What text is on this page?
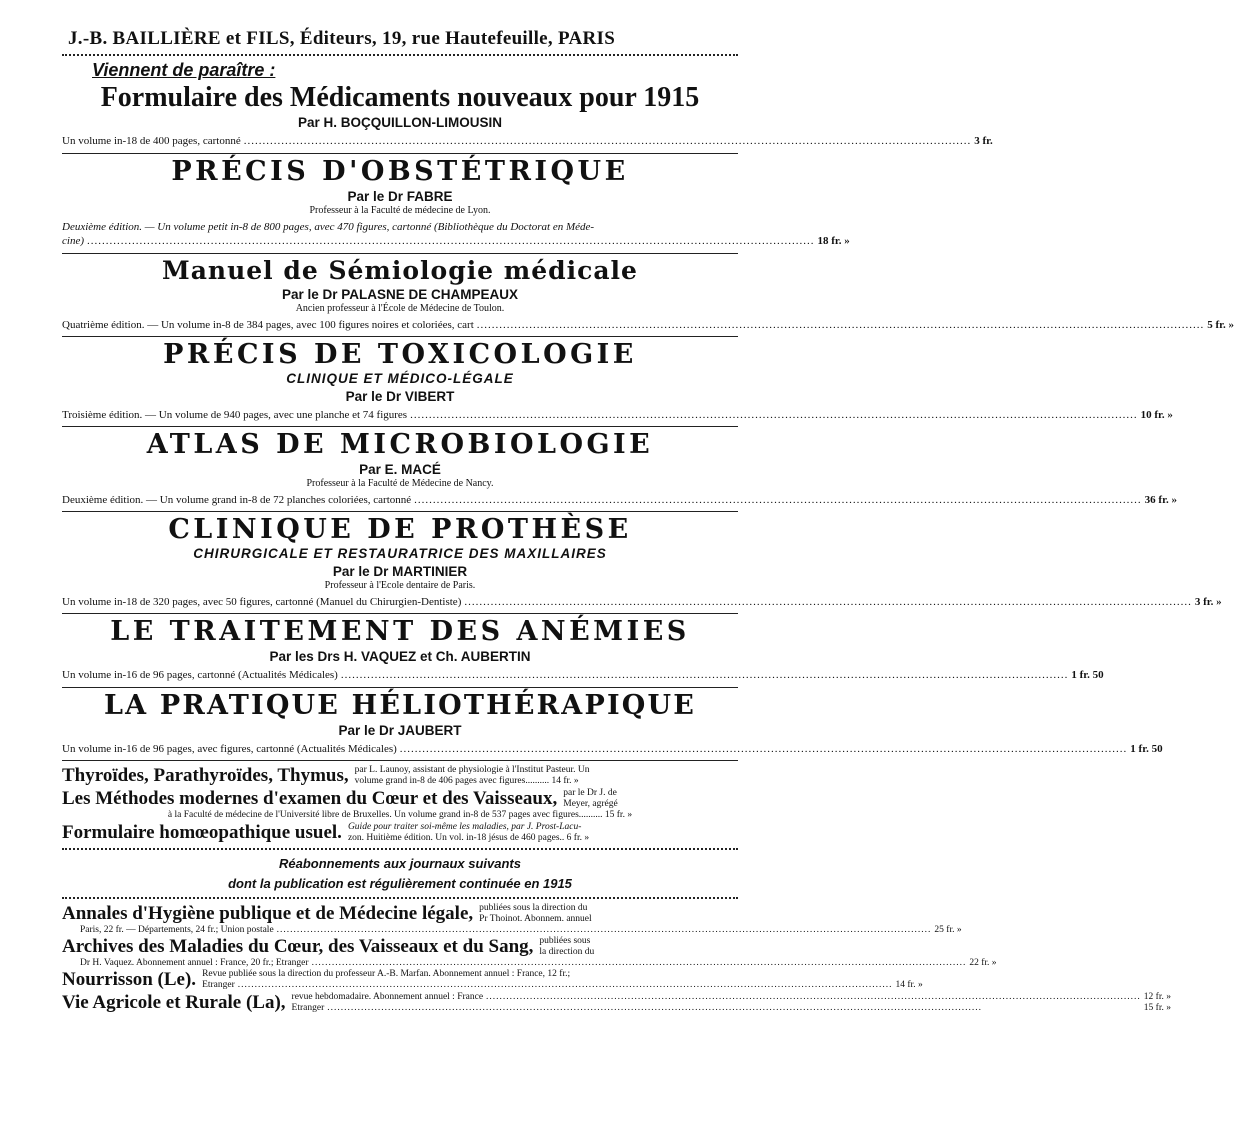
J.-B. BAILLIÈRE et FILS, Éditeurs, 19, rue Hautefeuille, PARIS
Viennent de paraître :
Formulaire des Médicaments nouveaux pour 1915
Par H. BOÇQUILLON-LIMOUSIN
Un volume in-18 de 400 pages, cartonné .....	3 fr.
PRÉCIS D'OBSTÉTRIQUE
Par le Dr FABRE
Professeur à la Faculté de médecine de Lyon.
Deuxième édition. — Un volume petit in-8 de 800 pages, avec 470 figures, cartonné (Bibliothèque du Doctorat en Méde-
cine) .....	18 fr. »
Manuel de Sémiologie médicale
Par le Dr PALASNE DE CHAMPEAUX
Ancien professeur à l'École de Médecine de Toulon.
Quatrième édition. — Un volume in-8 de 384 pages, avec 100 figures noires et coloriées, cart .....	5 fr. »
PRÉCIS DE TOXICOLOGIE
CLINIQUE ET MÉDICO-LÉGALE
Par le Dr VIBERT
Troisième édition. — Un volume de 940 pages, avec une planche et 74 figures .....	10 fr. »
ATLAS DE MICROBIOLOGIE
Par E. MACÉ
Professeur à la Faculté de Médecine de Nancy.
Deuxième édition. — Un volume grand in-8 de 72 planches coloriées, cartonné .....	36 fr. »
CLINIQUE DE PROTHÈSE
CHIRURGICALE ET RESTAURATRICE DES MAXILLAIRES
Par le Dr MARTINIER
Professeur à l'Ecole dentaire de Paris.
Un volume in-18 de 320 pages, avec 50 figures, cartonné (Manuel du Chirurgien-Dentiste) .....	3 fr. »
LE TRAITEMENT DES ANÉMIES
Par les Drs H. VAQUEZ et Ch. AUBERTIN
Un volume in-16 de 96 pages, cartonné (Actualités Médicales) .....	1 fr. 50
LA PRATIQUE HÉLIOTHÉRAPIQUE
Par le Dr JAUBERT
Un volume in-16 de 96 pages, avec figures, cartonné (Actualités Médicales) .....	1 fr. 50
Thyroïdes, Parathyroïdes, Thymus, par L. Launoy, assistant de physiologie à l'Institut Pasteur. Un
volume grand in-8 de 406 pages avec figures.......... 14 fr. »
Les Méthodes modernes d'examen du Cœur et des Vaisseaux, par le Dr J. de
Meyer, agrégé
à la Faculté de médecine de l'Université libre de Bruxelles. Un volume grand in-8 de 537 pages avec figures.......... 15 fr. »
Formulaire homœopathique usuel. Guide pour traiter soi-même les maladies, par J. Prost-Lacu-
zon. Huitième édition. Un vol. in-18 jésus de 460 pages.. 6 fr. »
Réabonnements aux journaux suivants
dont la publication est régulièrement continuée en 1915
Annales d'Hygiène publique et de Médecine légale, publiées sous la direction du
Pr Thoinot. Abonnem. annuel
Paris, 22 fr. — Départements, 24 fr.; Union postale .....	25 fr. »
Archives des Maladies du Cœur, des Vaisseaux et du Sang, publiées sous
la direction du
Dr H. Vaquez. Abonnement annuel : France, 20 fr.; Etranger .....	22 fr. »
Nourrisson (Le). Revue publiée sous la direction du professeur A.-B. Marfan. Abonnement annuel : France, 12 fr.;
Etranger .....	14 fr. »
Vie Agricole et Rurale (La), revue hebdomadaire. Abonnement annuel : France .....	12 fr. »
Etranger .....	15 fr. »
